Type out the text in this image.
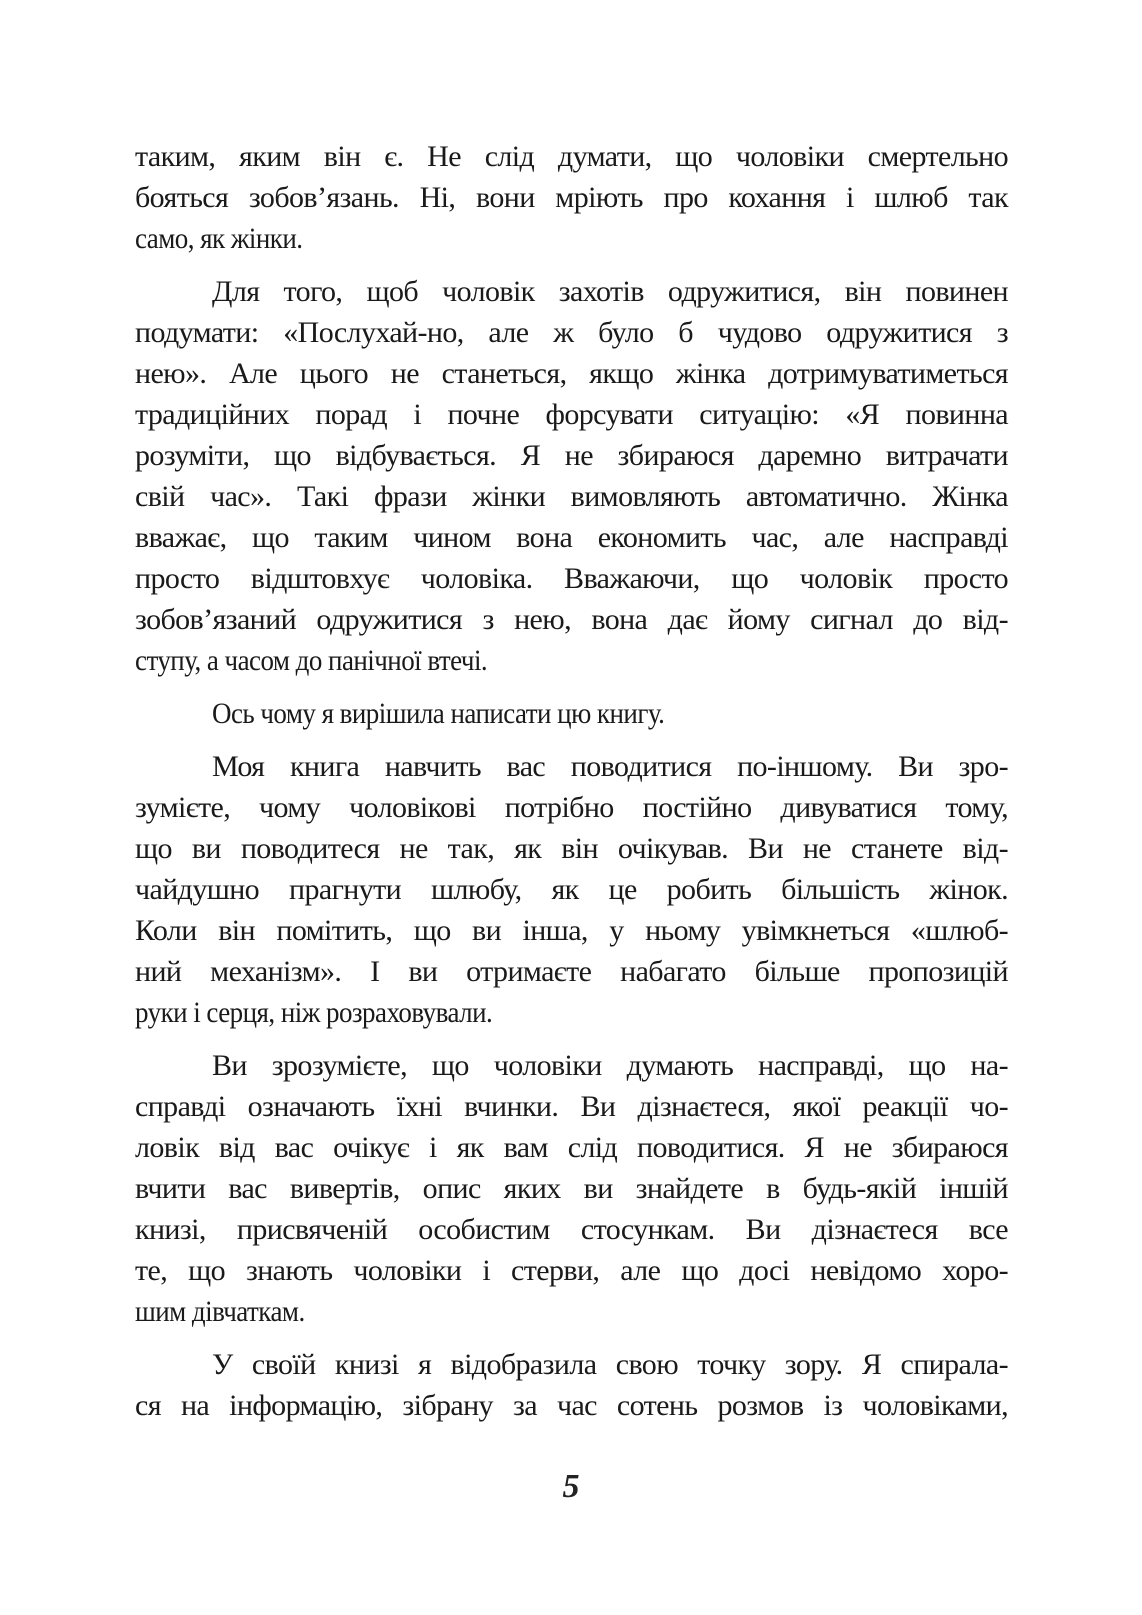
таким, яким він є. Не слід думати, що чоловіки смертельно
бояться зобов’язань. Ні, вони мріють про кохання і шлюб так
само, як жінки.

Для того, щоб чоловік захотів одружитися, він повинен
подумати: «Послухай-но, але ж було б чудово одружитися з
нею». Але цього не станеться, якщо жінка дотримуватиметься
традиційних порад і почне форсувати ситуацію: «Я повинна
розуміти, що відбувається. Я не збираюся даремно витрачати
свій час». Такі фрази жінки вимовляють автоматично. Жінка
вважає, що таким чином вона економить час, але насправді
просто відштовхує чоловіка. Вважаючи, що чоловік просто
зобов’язаний одружитися з нею, вона дає йому сигнал до від-
ступу, а часом до панічної втечі.

Ось чому я вирішила написати цю книгу.

Моя книга навчить вас поводитися по-іншому. Ви зро-
зумієте, чому чоловікові потрібно постійно дивуватися тому,
що ви поводитеся не так, як він очікував. Ви не станете від-
чайдушно прагнути шлюбу, як це робить більшість жінок.
Коли він помітить, що ви інша, у ньому увімкнеться «шлюб-
ний механізм». І ви отримаєте набагато більше пропозицій
руки і серця, ніж розраховували.

Ви зрозумієте, що чоловіки думають насправді, що на-
справді означають їхні вчинки. Ви дізнаєтеся, якої реакції чо-
ловік від вас очікує і як вам слід поводитися. Я не збираюся
вчити вас вивертів, опис яких ви знайдете в будь-якій іншій
книзі, присвяченій особистим стосункам. Ви дізнаєтеся все
те, що знають чоловіки і стерви, але що досі невідомо хоро-
шим дівчаткам.

У своїй книзі я відобразила свою точку зору. Я спирала-
ся на інформацію, зібрану за час сотень розмов із чоловіками,

5
